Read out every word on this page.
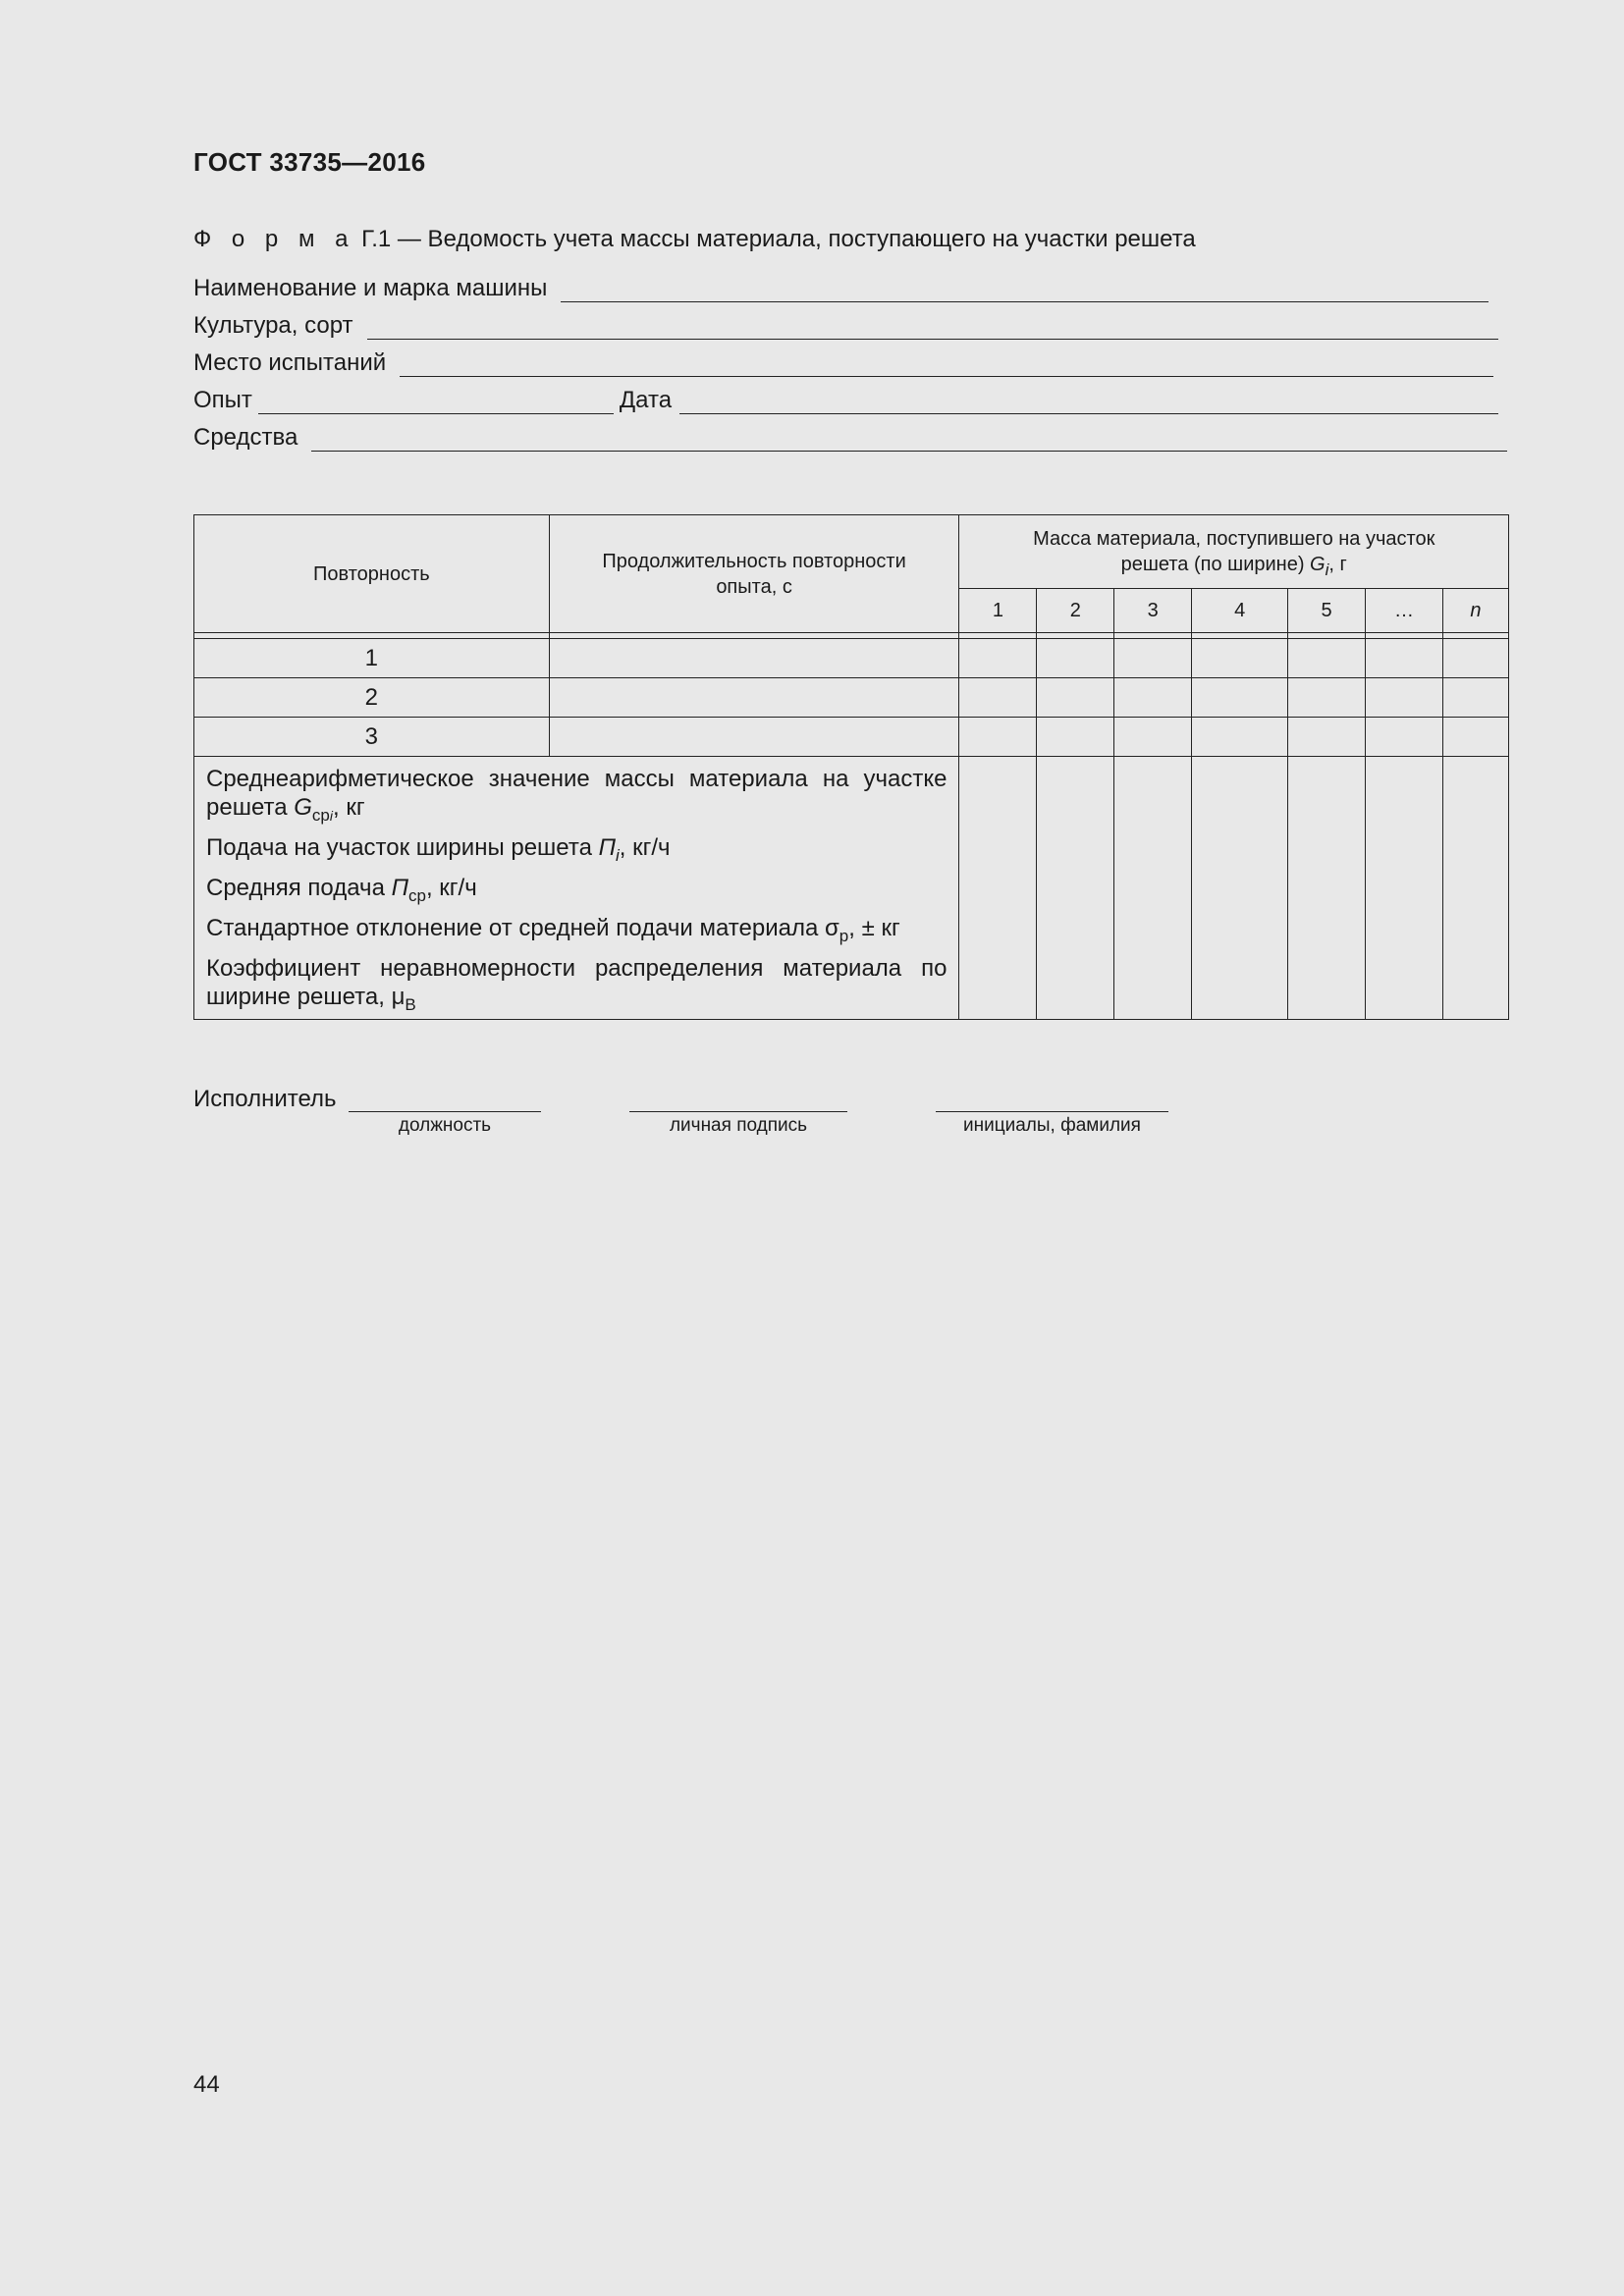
ГОСТ 33735—2016
Ф о р м а Г.1 — Ведомость учета массы материала, поступающего на участки решета
Наименование и марка машины
Культура, сорт
Место испытаний
Опыт	Дата
Средства
Повторность	Продолжительность повторности опыта, с	Масса материала, поступившего на участок решета (по ширине) $G_i$, г						
		1	2	3	4	5	…	n

1								
2								
3								

Среднеарифметическое значение массы материала на участке решета $G_{cpi}$, кг

Подача на участок ширины решета $П_i$, кг/ч

Средняя подача $П_{ср}$, кг/ч

Стандартное отклонение от средней подачи материала $\sigma_p$, ± кг

Коэффициент неравномерности распределения материала по ширине решета, $\mu_B$

Исполнитель
должность	личная подпись	инициалы, фамилия
44
